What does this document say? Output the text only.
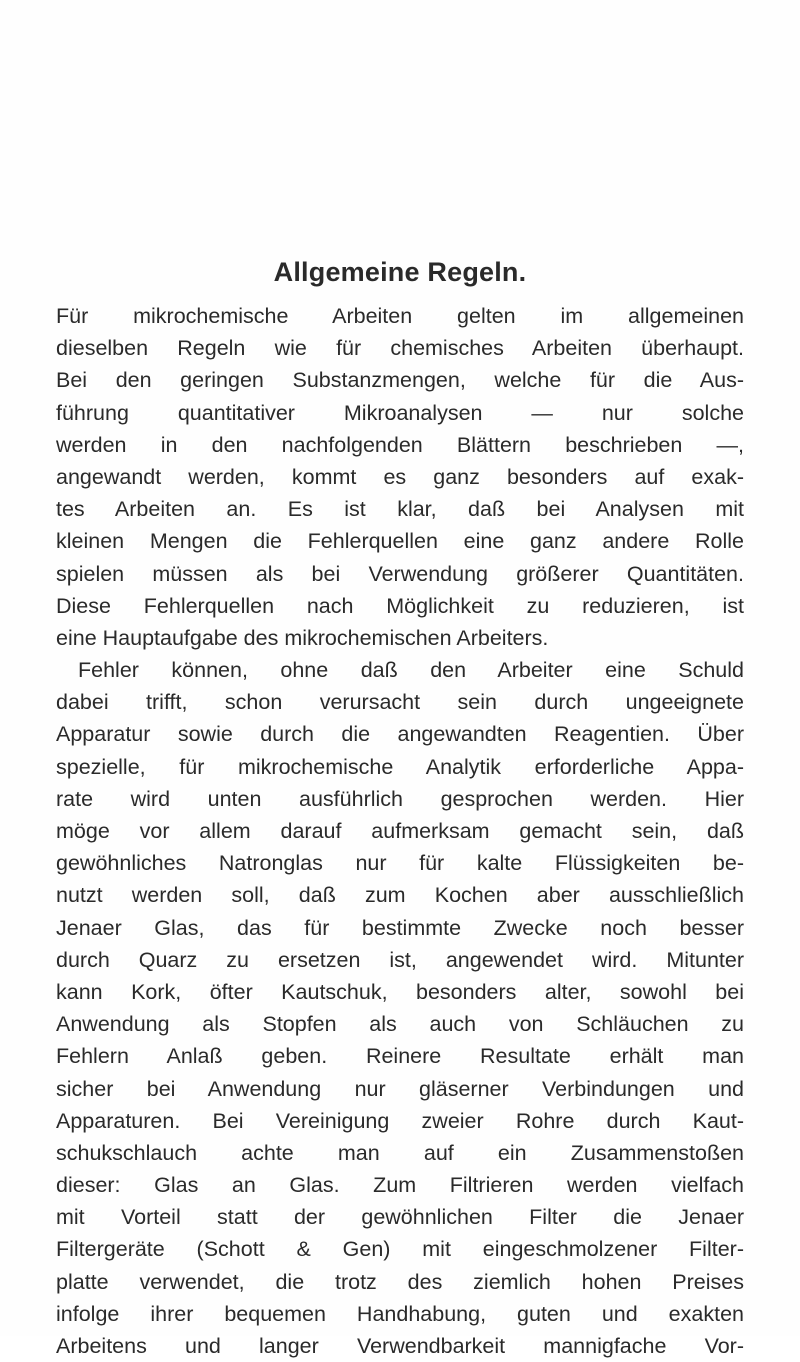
Allgemeine Regeln.
Für mikrochemische Arbeiten gelten im allgemeinen
dieselben Regeln wie für chemisches Arbeiten überhaupt.
Bei den geringen Substanzmengen, welche für die Aus-
führung quantitativer Mikroanalysen — nur solche
werden in den nachfolgenden Blättern beschrieben —,
angewandt werden, kommt es ganz besonders auf exak-
tes Arbeiten an. Es ist klar, daß bei Analysen mit
kleinen Mengen die Fehlerquellen eine ganz andere Rolle
spielen müssen als bei Verwendung größerer Quantitäten.
Diese Fehlerquellen nach Möglichkeit zu reduzieren, ist
eine Hauptaufgabe des mikrochemischen Arbeiters.
Fehler können, ohne daß den Arbeiter eine Schuld
dabei trifft, schon verursacht sein durch ungeeignete
Apparatur sowie durch die angewandten Reagentien. Über
spezielle, für mikrochemische Analytik erforderliche Appa-
rate wird unten ausführlich gesprochen werden. Hier
möge vor allem darauf aufmerksam gemacht sein, daß
gewöhnliches Natronglas nur für kalte Flüssigkeiten be-
nutzt werden soll, daß zum Kochen aber ausschließlich
Jenaer Glas, das für bestimmte Zwecke noch besser
durch Quarz zu ersetzen ist, angewendet wird. Mitunter
kann Kork, öfter Kautschuk, besonders alter, sowohl bei
Anwendung als Stopfen als auch von Schläuchen zu
Fehlern Anlaß geben. Reinere Resultate erhält man
sicher bei Anwendung nur gläserner Verbindungen und
Apparaturen. Bei Vereinigung zweier Rohre durch Kaut-
schukschlauch achte man auf ein Zusammenstoßen
dieser: Glas an Glas. Zum Filtrieren werden vielfach
mit Vorteil statt der gewöhnlichen Filter die Jenaer
Filtergeräte (Schott & Gen) mit eingeschmolzener Filter-
platte verwendet, die trotz des ziemlich hohen Preises
infolge ihrer bequemen Handhabung, guten und exakten
Arbeitens und langer Verwendbarkeit mannigfache Vor-
